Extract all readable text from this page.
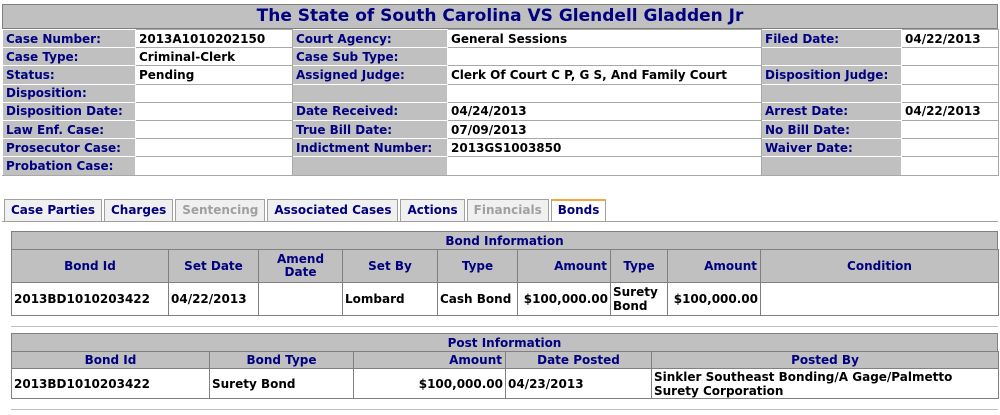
The State of South Carolina VS Glendell Gladden Jr
Case Number:	2013A1010202150	Court Agency:	General Sessions	Filed Date:	04/22/2013
Case Type:	Criminal-Clerk	Case Sub Type:			
Status:	Pending	Assigned Judge:	Clerk Of Court C P, G S, And Family Court	Disposition Judge:	
Disposition:					
Disposition Date:		Date Received:	04/24/2013	Arrest Date:	04/22/2013
Law Enf. Case:		True Bill Date:	07/09/2013	No Bill Date:	
Prosecutor Case:		Indictment Number:	2013GS1003850	Waiver Date:	
Probation Case:					
Case Parties	Charges	Sentencing	Associated Cases	Actions	Financials	Bonds
Bond Information
Bond Id	Set Date	Amend Date	Set By	Type	Amount	Type	Amount	Condition
2013BD1010203422	04/22/2013		Lombard	Cash Bond	$100,000.00	Surety Bond	$100,000.00	
Post Information
Bond Id	Bond Type	Amount	Date Posted	Posted By
2013BD1010203422	Surety Bond	$100,000.00	04/23/2013	Sinkler Southeast Bonding/A Gage/Palmetto Surety Corporation
